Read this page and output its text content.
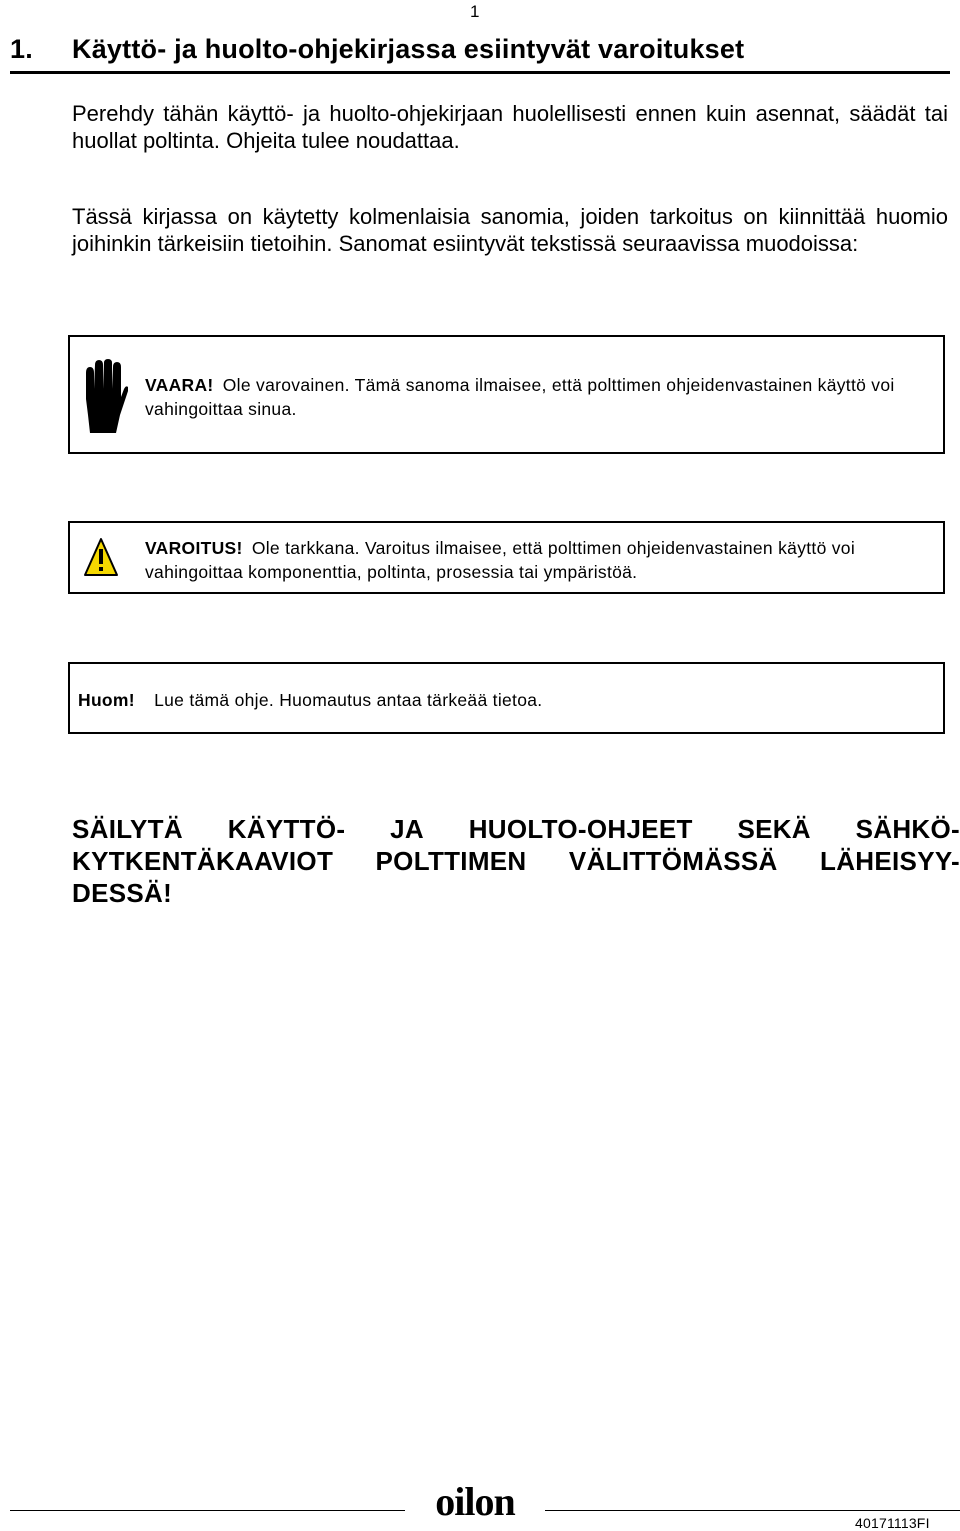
1
1.	Käyttö- ja huolto-ohjekirjassa esiintyvät varoitukset
Perehdy tähän käyttö- ja huolto-ohjekirjaan huolellisesti ennen kuin asennat, säädät tai huollat poltinta. Ohjeita tulee noudattaa.
Tässä kirjassa on käytetty kolmenlaisia sanomia, joiden tarkoitus on kiinnittää huomio joihinkin tärkeisiin tietoihin. Sanomat esiintyvät tekstissä seuraavissa muodoissa:
VAARA! Ole varovainen. Tämä sanoma ilmaisee, että polttimen ohjeidenvastainen käyttö voi vahingoittaa sinua.
VAROITUS! Ole tarkkana. Varoitus ilmaisee, että polttimen ohjeidenvastainen käyttö voi vahingoittaa komponenttia, poltinta, prosessia tai ympäristöä.
Huom! Lue tämä ohje. Huomautus antaa tärkeää tietoa.
SÄILYTÄ KÄYTTÖ- JA HUOLTO-OHJEET SEKÄ SÄHKÖ-
KYTKENTÄKAAVIOT POLTTIMEN VÄLITTÖMÄSSÄ LÄHEISYY-
DESSÄ!
oilon	40171113FI
